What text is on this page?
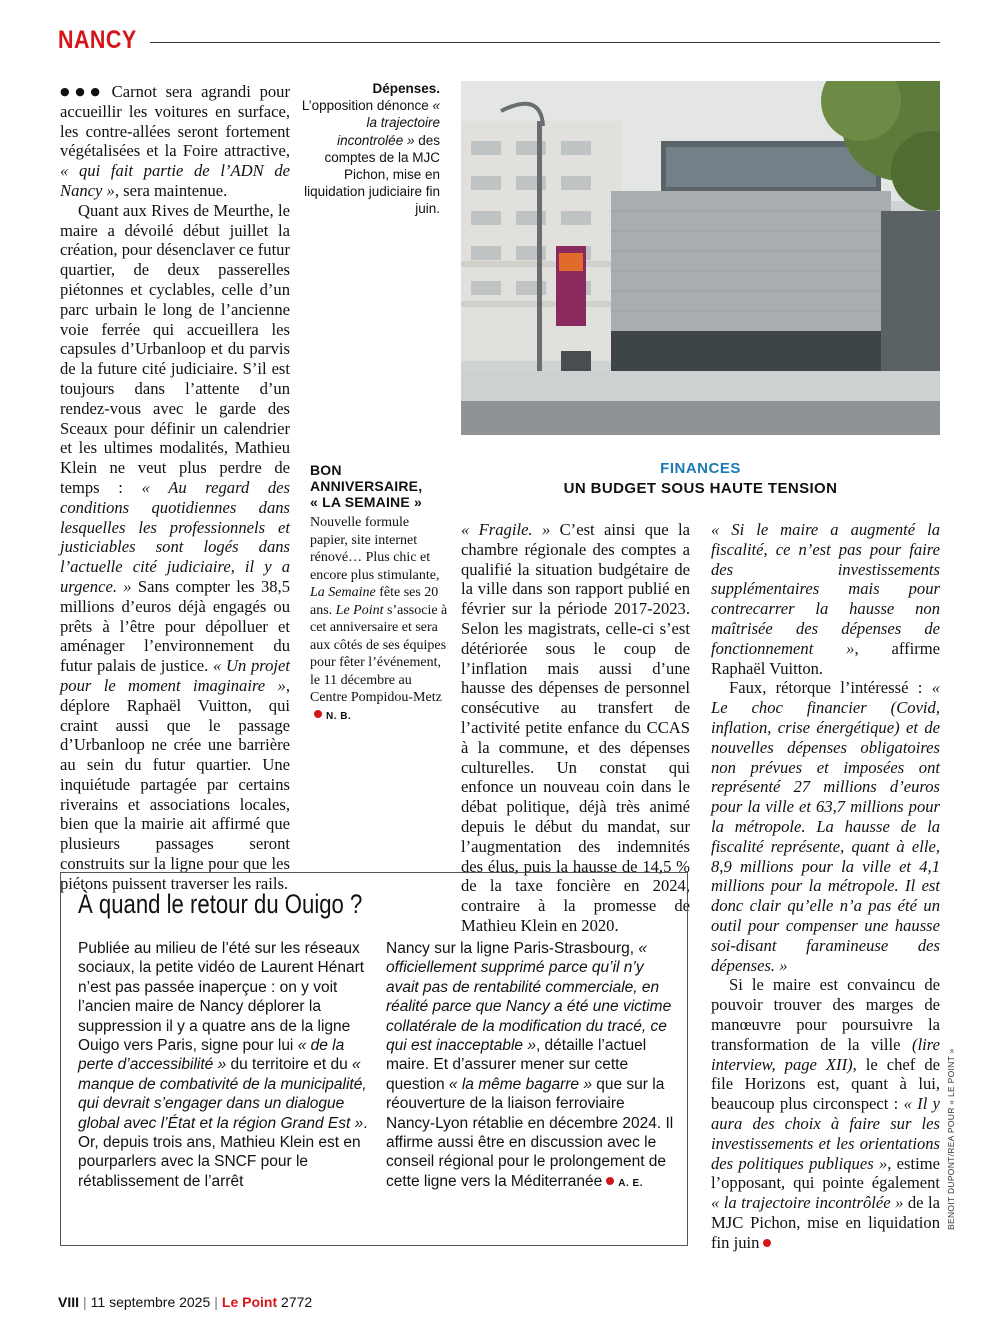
NANCY

●●● Carnot sera agrandi pour accueillir les voitures en surface, les contre-allées seront fortement végétalisées et la Foire attractive, « qui fait partie de l’ADN de Nancy », sera maintenue.

Quant aux Rives de Meurthe, le maire a dévoilé début juillet la création, pour désenclaver ce futur quartier, de deux passerelles piétonnes et cyclables, celle d’un parc urbain le long de l’ancienne voie ferrée qui accueillera les capsules d’Urbanloop et du parvis de la future cité judiciaire. S’il est toujours dans l’attente d’un rendez-vous avec le garde des Sceaux pour définir un calendrier et les ultimes modalités, Mathieu Klein ne veut plus perdre de temps : « Au regard des conditions quotidiennes dans lesquelles les professionnels et justiciables sont logés dans l’actuelle cité judiciaire, il y a urgence. » Sans compter les 38,5 millions d’euros déjà engagés ou prêts à l’être pour dépolluer et aménager l’environnement du futur palais de justice. « Un projet pour le moment imaginaire », déplore Raphaël Vuitton, qui craint aussi que le passage d’Urbanloop ne crée une barrière au sein du futur quartier. Une inquiétude partagée par certains riverains et associations locales, bien que la mairie ait affirmé que plusieurs passages seront construits sur la ligne pour que les piétons puissent traverser les rails.

Dépenses.
L’opposition dénonce « la trajectoire incontrolée » des comptes de la MJC Pichon, mise en liquidation judiciaire fin juin.
BON
ANNIVERSAIRE,
« LA SEMAINE »
Nouvelle formule papier, site internet rénové… Plus chic et encore plus stimulante, La Semaine fête ses 20 ans. Le Point s’associe à cet anniversaire et sera aux côtés de ses équipes pour fêter l’événement, le 11 décembre au Centre Pompidou-MetzN. B.
FINANCES
UN BUDGET SOUS HAUTE TENSION

« Fragile. » C’est ainsi que la chambre régionale des comptes a qualifié la situation budgétaire de la ville dans son rapport publié en février sur la période 2017-2023. Selon les magistrats, celle-ci s’est détériorée sous le coup de l’inflation mais aussi d’une hausse des dépenses de personnel consécutive au transfert de l’activité petite enfance du CCAS à la commune, et des dépenses culturelles. Un constat qui enfonce un nouveau coin dans le débat politique, déjà très animé depuis le début du mandat, sur l’augmentation des indemnités des élus, puis la hausse de 14,5 % de la taxe foncière en 2024, contraire à la promesse de Mathieu Klein en 2020.

« Si le maire a augmenté la fiscalité, ce n’est pas pour faire des investissements supplémentaires mais pour contrecarrer la hausse non maîtrisée des dépenses de fonctionnement », affirme Raphaël Vuitton.

Faux, rétorque l’intéressé : « Le choc financier (Covid, inflation, crise énergétique) et de nouvelles dépenses obligatoires non prévues et imposées ont représenté 27 millions d’euros pour la ville et 63,7 millions pour la métropole. La hausse de la fiscalité représente, quant à elle, 8,9 millions pour la ville et 4,1 millions pour la métropole. Il est donc clair qu’elle n’a pas été un outil pour compenser une hausse soi-disant faramineuse des dépenses. »

Si le maire est convaincu de pouvoir trouver des marges de manœuvre pour poursuivre la transformation de la ville (lire interview, page XII), le chef de file Horizons est, quant à lui, beaucoup plus circonspect : « Il y aura des choix à faire sur les investissements et les orientations des politiques publiques », estime l’opposant, qui pointe également « la trajectoire incontrôlée » de la MJC Pichon, mise en liquidation fin juin

À quand le retour du Ouigo ?
Publiée au milieu de l’été sur les réseaux sociaux, la petite vidéo de Laurent Hénart n’est pas passée inaperçue : on y voit l’ancien maire de Nancy déplorer la suppression il y a quatre ans de la ligne Ouigo vers Paris, signe pour lui « de la perte d’accessibilité » du territoire et du « manque de combativité de la municipalité, qui devrait s’engager dans un dialogue global avec l’État et la région Grand Est ». Or, depuis trois ans, Mathieu Klein est en pourparlers avec la SNCF pour le rétablissement de l’arrêt
Nancy sur la ligne Paris-Strasbourg, « officiellement supprimé parce qu’il n’y avait pas de rentabilité commerciale, en réalité parce que Nancy a été une victime collatérale de la modification du tracé, ce qui est inacceptable », détaille l’actuel maire. Et d’assurer mener sur cette question « la même bagarre » que sur la réouverture de la liaison ferroviaire Nancy-Lyon rétablie en décembre 2024. Il affirme aussi être en discussion avec le conseil régional pour le prolongement de cette ligne vers la Méditerranée A. E.	BENOIT DUPONT/REA POUR « LE POINT »
VIII | 11 septembre 2025 | Le Point 2772
